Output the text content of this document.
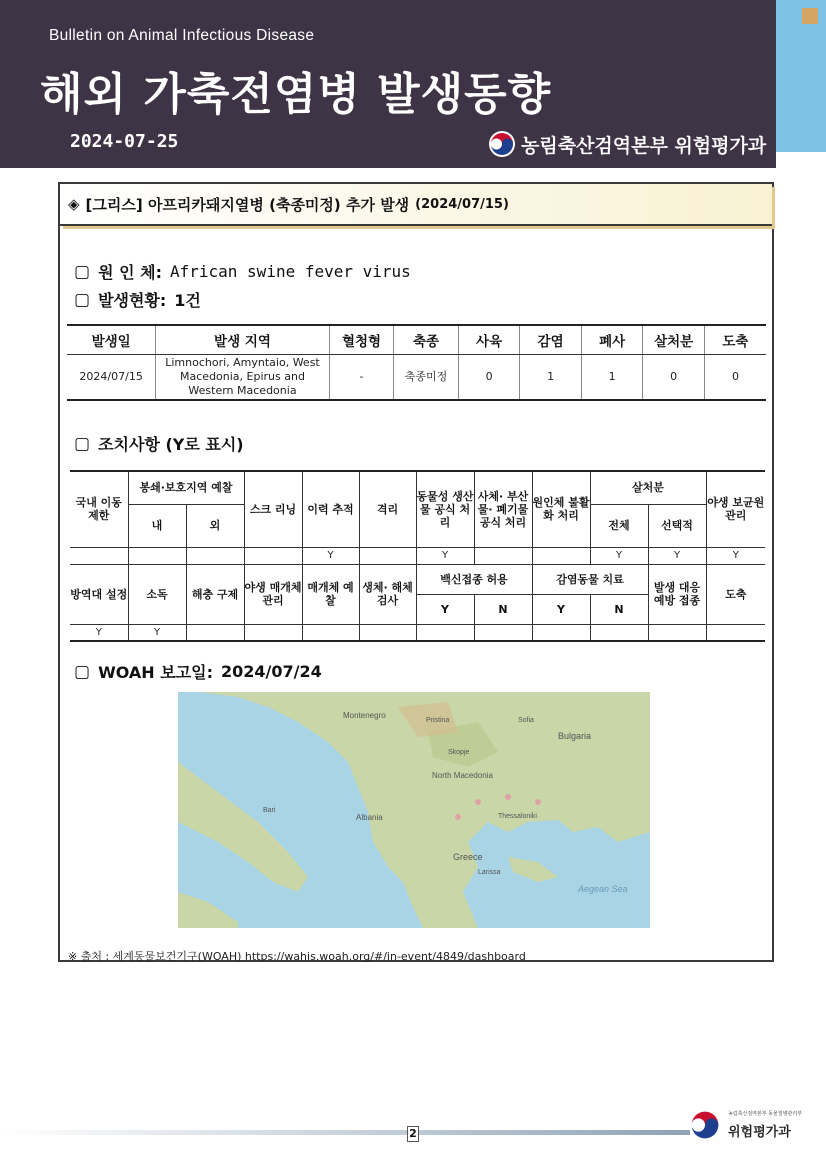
Bulletin on Animal Infectious Disease
해외 가축전염병 발생동향
2024-07-25	농림축산검역본부 위험평가과
◈ [그리스] 아프리카돼지열병 (축종미정) 추가 발생 (2024/07/15)
▢ 원 인 체: African swine fever virus
▢ 발생현황: 1건
발생일	발생 지역	혈청형	축종	사육	감염	폐사	살처분	도축
2024/07/15	Limnochori, Amyntaio, West Macedonia, Epirus and Western Macedonia	-	축종미정	0	1	1	0	0
▢ 조치사항 (Y로 표시)
국내 이동 제한	봉쇄·보호지역 예찰		스크 리닝	이력 추적	격리	동물성 생산물 공식 처리	사체· 부산물· 폐기물 공식 처리	원인체 불활화 처리	살처분		야생 보균원 관리
	내	외							전체	선택적	
				Y		Y			Y	Y	Y
방역대 설정	소독	해충 구제	야생 매개체 관리	매개체 예찰	생체· 해체 검사	백신접종 허용		감염동물 치료		발생 대응 예방 접종	도축
						Y	N	Y	N		
Y	Y										
▢ WOAH 보고일: 2024/07/24
Montenegro
Pristina
Skopje
Sofia
Bulgaria
North Macedonia
Albania	Thessaloniki
Greece
Larissa
Bari
Aegean Sea
※ 출처 : 세계동물보건기구(WOAH) https://wahis.woah.org/#/in-event/4849/dashboard
2
농림축산검역본부 동물질병관리부
위험평가과
